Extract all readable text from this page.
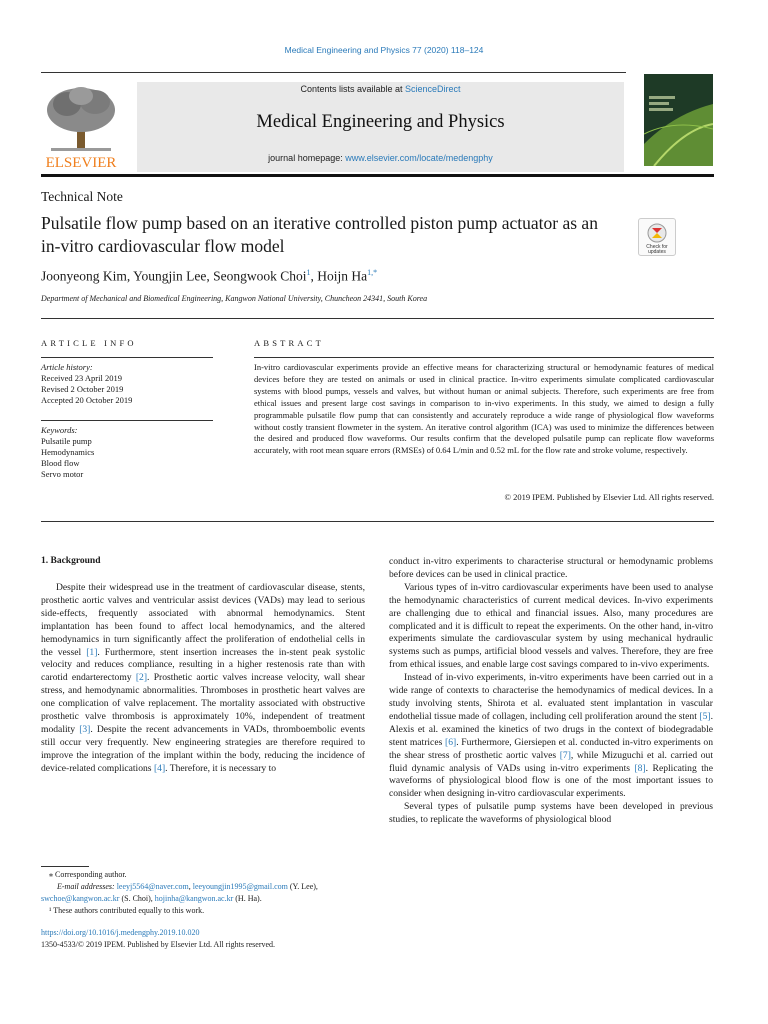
Medical Engineering and Physics 77 (2020) 118–124
ELSEVIER
Contents lists available at ScienceDirect
Medical Engineering and Physics
journal homepage: www.elsevier.com/locate/medengphy
Technical Note
Pulsatile flow pump based on an iterative controlled piston pump actuator as an in-vitro cardiovascular flow model	Check for
updates
Joonyeong Kim, Youngjin Lee, Seongwook Choi$^1$, Hoijn $Ha^{1,*}$
Department of Mechanical and Biomedical Engineering, Kangwon National University, Chuncheon 24341, South Korea
ARTICLE INFO
Article history:
Received 23 April 2019
Revised 2 October 2019
Accepted 20 October 2019
Keywords:
Pulsatile pump
Hemodynamics
Blood flow
Servo motor
ABSTRACT
In-vitro cardiovascular experiments provide an effective means for characterizing structural or hemodynamic features of medical devices before they are tested on animals or used in clinical practice. In-vitro experiments simulate complicated cardiovascular systems with blood pumps, vessels and valves, but without human or animal subjects. Therefore, such experiments are free from ethical issues and present large cost savings in comparison to in-vivo experiments. In this study, we aimed to design a fully programmable pulsatile flow pump that can consistently and accurately reproduce a wide range of physiological flow waveforms without costly transient flowmeter in the system. An iterative control algorithm (ICA) was used to minimize the differences between the desired and produced flow waveforms. Our results confirm that the developed pulsatile pump can replicate flow waveforms accurately, with root mean square errors (RMSEs) of 0.64 L/min and 0.52 mL for the flow rate and stroke volume, respectively.
© 2019 IPEM. Published by Elsevier Ltd. All rights reserved.
1. Background

Despite their widespread use in the treatment of cardiovascular disease, stents, prosthetic aortic valves and ventricular assist devices (VADs) may lead to serious side-effects, frequently associated with abnormal hemodynamics. Stent implantation has been found to affect local hemodynamics, and the altered hemodynamics in turn significantly affect the proliferation of endothelial cells in the vessel [1]. Furthermore, stent insertion increases the in-stent peak systolic velocity and reduces compliance, resulting in a higher restenosis rate than with carotid endarterectomy [2]. Prosthetic aortic valves increase velocity, wall shear stress, and hemodynamic abnormalities. Thromboses in prosthetic heart valves are one complication of valve replacement. The mortality associated with obstructive prosthetic valve thrombosis is approximately 10%, independent of treatment modality [3]. Despite the recent advancements in VADs, thromboembolic events still occur very frequently. New engineering strategies are therefore required to improve the integration of the implant within the body, reducing the incidence of device-related complications [4]. Therefore, it is necessary to

conduct in-vitro experiments to characterise structural or hemodynamic problems before devices can be used in clinical practice.

Various types of in-vitro cardiovascular experiments have been used to analyse the hemodynamic characteristics of current medical devices. In-vivo experiments are challenging due to ethical and financial issues. Also, many procedures are complicated and it is difficult to repeat the experiments. On the other hand, in-vitro experiments simulate the cardiovascular system by using mechanical hydraulic systems such as pumps, artificial blood vessels and valves. Therefore, they are free from ethical issues, and enable large cost savings compared to in-vivo experiments.

Instead of in-vivo experiments, in-vitro experiments have been carried out in a wide range of contexts to characterise the hemodynamics of medical devices. In a study involving stents, Shirota et al. evaluated stent implantation in vascular endothelial tissue made of collagen, including cell proliferation around the stent [5]. Alexis et al. examined the kinetics of two drugs in the context of biodegradable stent matrices [6]. Furthermore, Giersiepen et al. conducted in-vitro experiments on the shear stress of prosthetic aortic valves [7], while Mizuguchi et al. carried out fluid dynamic analysis of VADs using in-vitro experiments [8]. Replicating the waveforms of physiological blood flow is one of the most important issues to consider when designing in-vitro cardiovascular experiments.

Several types of pulsatile pump systems have been developed in previous studies, to replicate the waveforms of physiological blood

⁎ Corresponding author.
E-mail addresses: leeyj5564@naver.com, leeyoungjin1995@gmail.com (Y. Lee),
swchoe@kangwon.ac.kr (S. Choi), hojinha@kangwon.ac.kr (H. Ha).
¹ These authors contributed equally to this work.
https://doi.org/10.1016/j.medengphy.2019.10.020
1350-4533/© 2019 IPEM. Published by Elsevier Ltd. All rights reserved.
